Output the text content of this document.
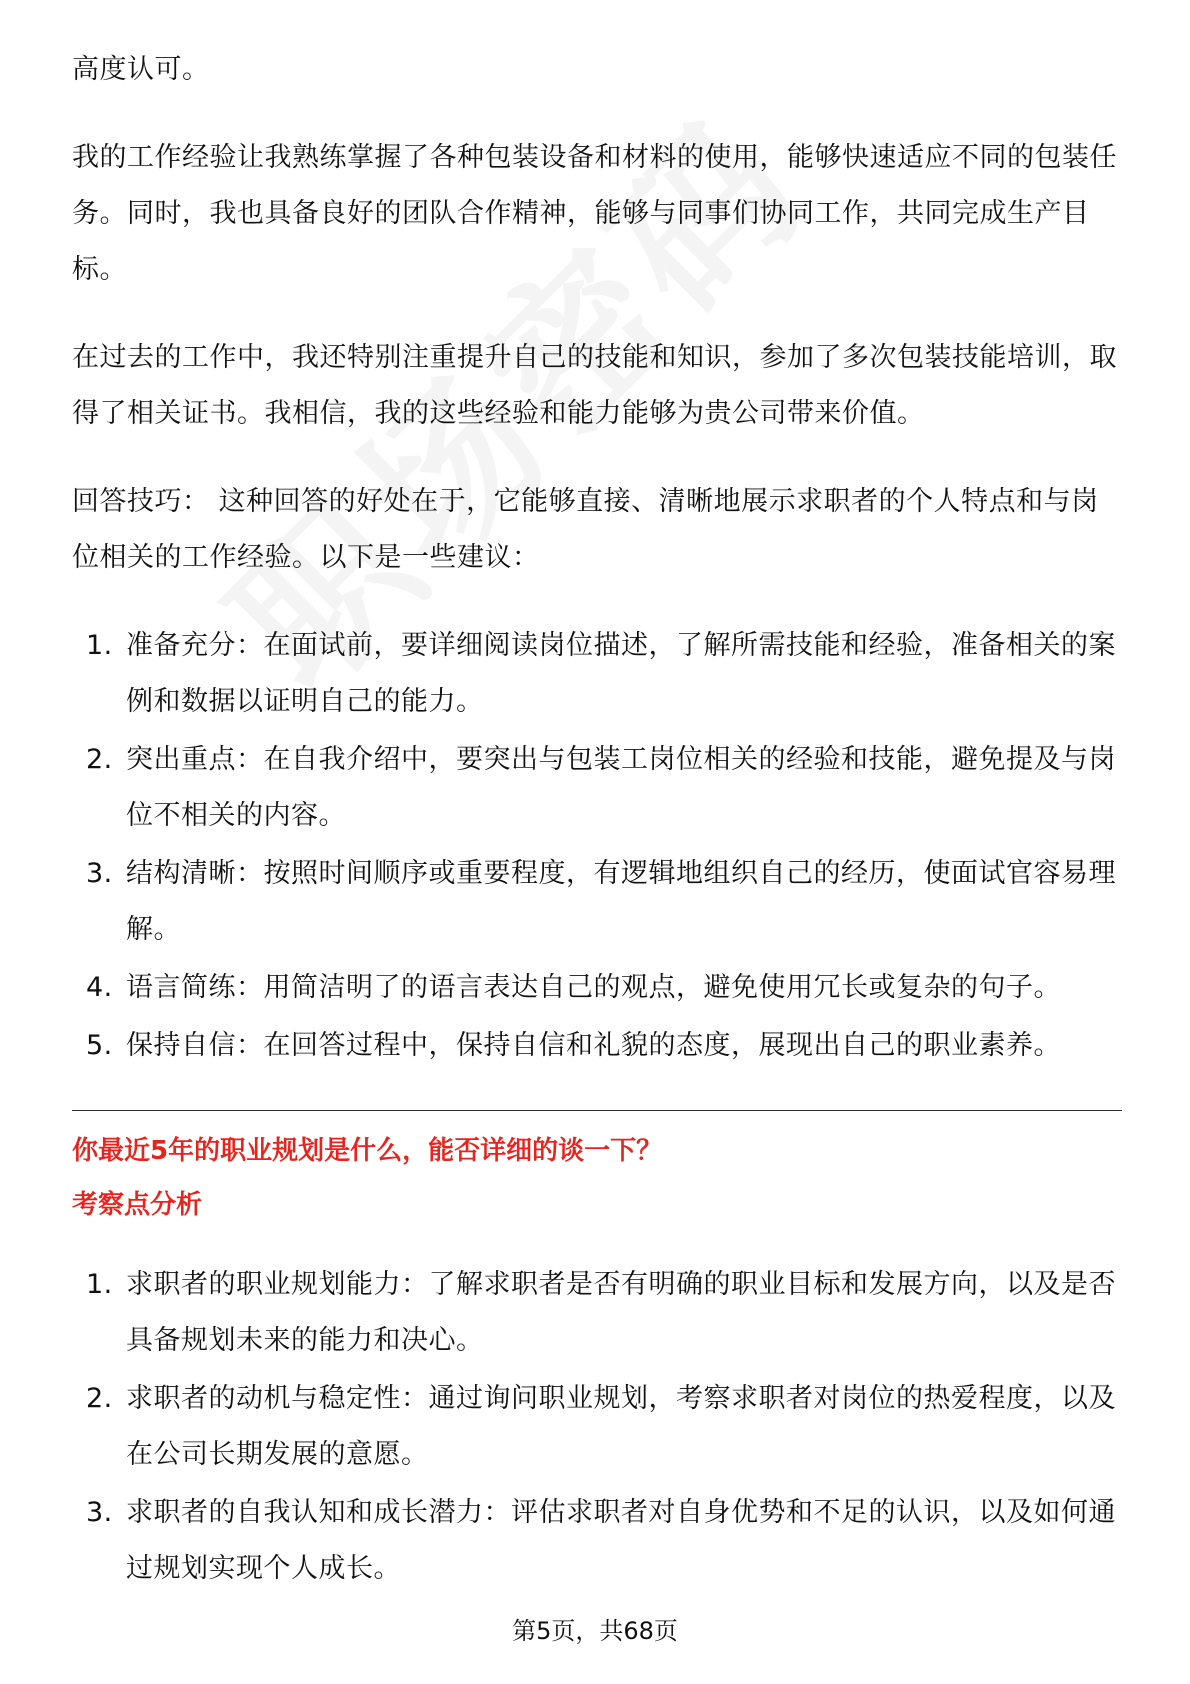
高度认可。

我的工作经验让我熟练掌握了各种包装设备和材料的使用，能够快速适应不同的包装任务。同时，我也具备良好的团队合作精神，能够与同事们协同工作，共同完成生产目标。

在过去的工作中，我还特别注重提升自己的技能和知识，参加了多次包装技能培训，取得了相关证书。我相信，我的这些经验和能力能够为贵公司带来价值。

回答技巧： 这种回答的好处在于，它能够直接、清晰地展示求职者的个人特点和与岗位相关的工作经验。以下是一些建议：

1. 准备充分：在面试前，要详细阅读岗位描述，了解所需技能和经验，准备相关的案例和数据以证明自己的能力。
2. 突出重点：在自我介绍中，要突出与包装工岗位相关的经验和技能，避免提及与岗位不相关的内容。
3. 结构清晰：按照时间顺序或重要程度，有逻辑地组织自己的经历，使面试官容易理解。
4. 语言简练：用简洁明了的语言表达自己的观点，避免使用冗长或复杂的句子。
5. 保持自信：在回答过程中，保持自信和礼貌的态度，展现出自己的职业素养。
你最近5年的职业规划是什么，能否详细的谈一下？
考察点分析
1. 求职者的职业规划能力：了解求职者是否有明确的职业目标和发展方向，以及是否具备规划未来的能力和决心。
2. 求职者的动机与稳定性：通过询问职业规划，考察求职者对岗位的热爱程度，以及在公司长期发展的意愿。
3. 求职者的自我认知和成长潜力：评估求职者对自身优势和不足的认识，以及如何通过规划实现个人成长。
第5页，共68页
